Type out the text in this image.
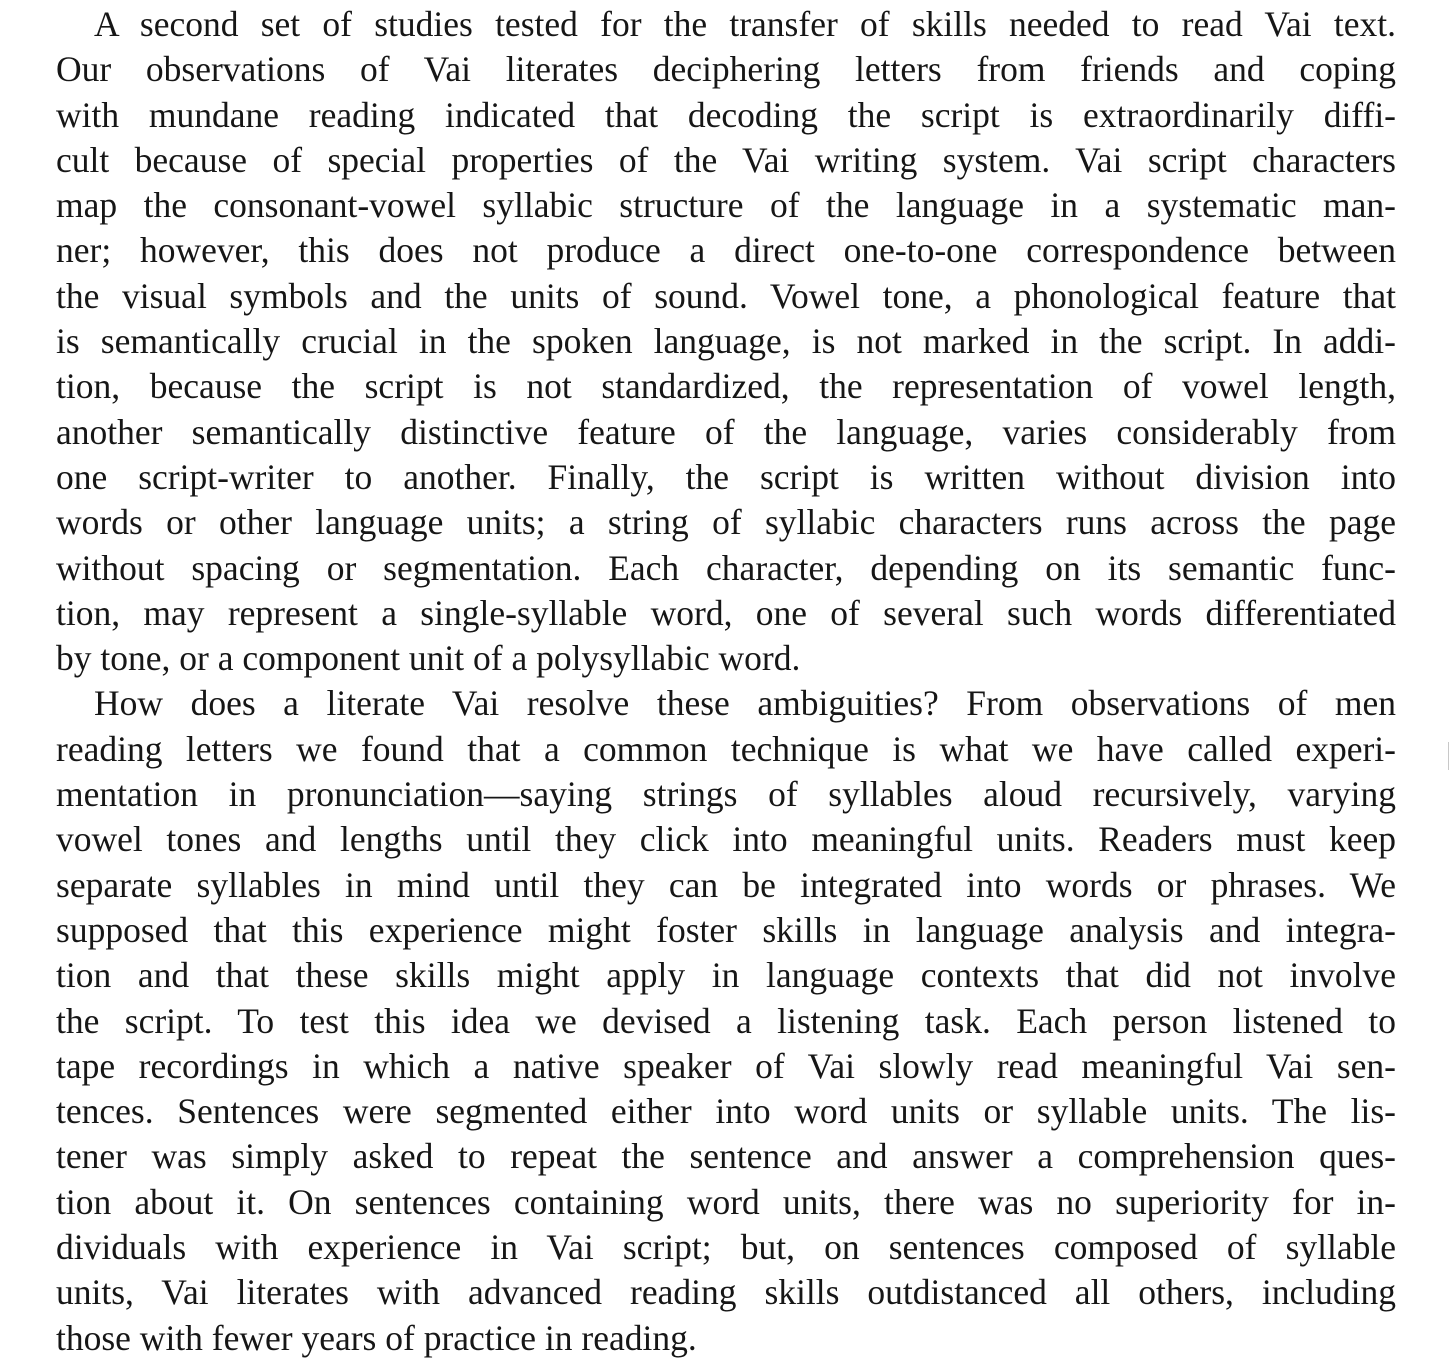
A second set of studies tested for the transfer of skills needed to read Vai text.
Our observations of Vai literates deciphering letters from friends and coping
with mundane reading indicated that decoding the script is extraordinarily diffi-
cult because of special properties of the Vai writing system. Vai script characters
map the consonant-vowel syllabic structure of the language in a systematic man-
ner; however, this does not produce a direct one-to-one correspondence between
the visual symbols and the units of sound. Vowel tone, a phonological feature that
is semantically crucial in the spoken language, is not marked in the script. In addi-
tion, because the script is not standardized, the representation of vowel length,
another semantically distinctive feature of the language, varies considerably from
one script-writer to another. Finally, the script is written without division into
words or other language units; a string of syllabic characters runs across the page
without spacing or segmentation. Each character, depending on its semantic func-
tion, may represent a single-syllable word, one of several such words differentiated
by tone, or a component unit of a polysyllabic word.
How does a literate Vai resolve these ambiguities? From observations of men
reading letters we found that a common technique is what we have called experi-
mentation in pronunciation—saying strings of syllables aloud recursively, varying
vowel tones and lengths until they click into meaningful units. Readers must keep
separate syllables in mind until they can be integrated into words or phrases. We
supposed that this experience might foster skills in language analysis and integra-
tion and that these skills might apply in language contexts that did not involve
the script. To test this idea we devised a listening task. Each person listened to
tape recordings in which a native speaker of Vai slowly read meaningful Vai sen-
tences. Sentences were segmented either into word units or syllable units. The lis-
tener was simply asked to repeat the sentence and answer a comprehension ques-
tion about it. On sentences containing word units, there was no superiority for in-
dividuals with experience in Vai script; but, on sentences composed of syllable
units, Vai literates with advanced reading skills outdistanced all others, including
those with fewer years of practice in reading.
